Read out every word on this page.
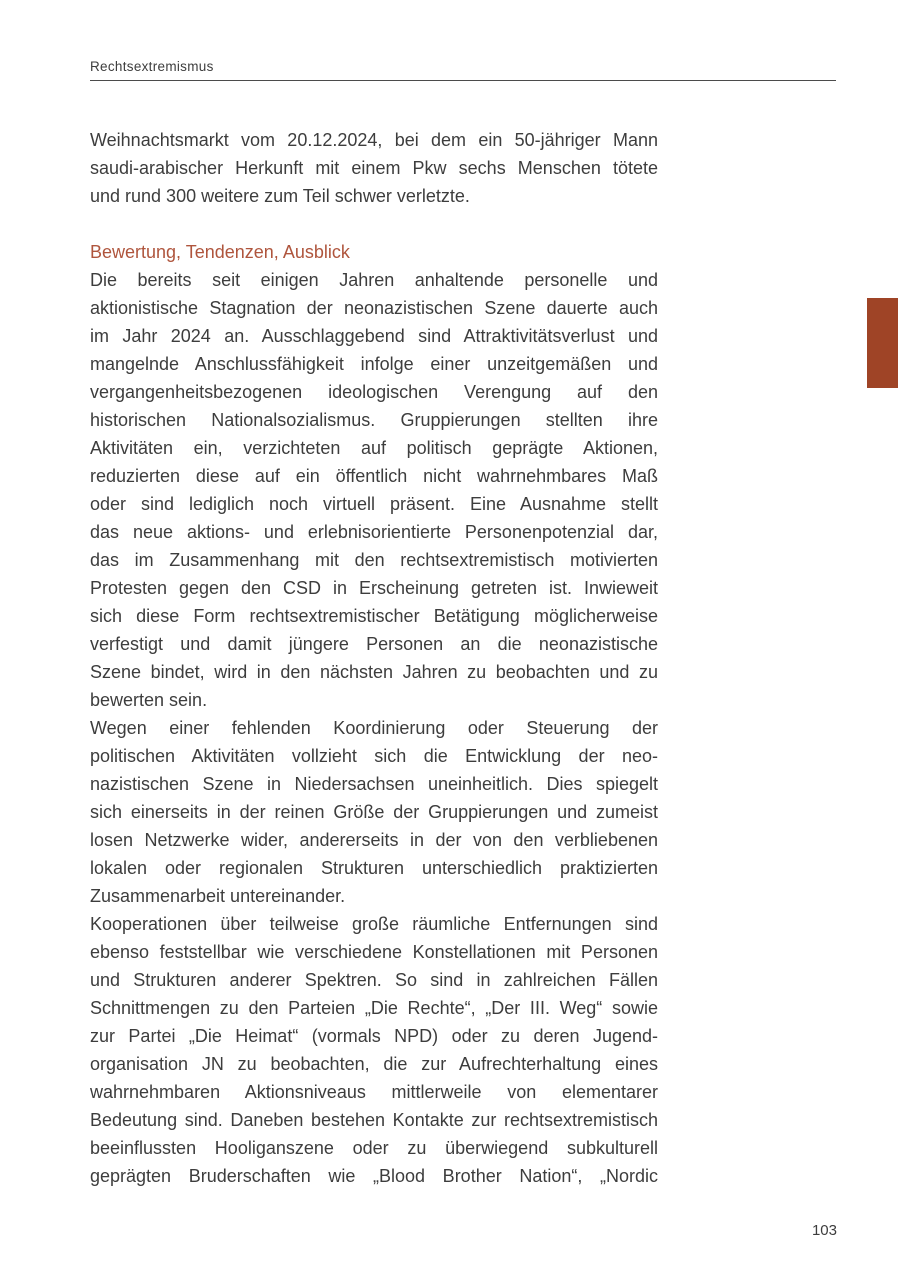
Rechtsextremismus
Weihnachtsmarkt vom 20.12.2024, bei dem ein 50-jähriger Mann
saudi-arabischer Herkunft mit einem Pkw sechs Menschen tötete
und rund 300 weitere zum Teil schwer verletzte.
Bewertung, Tendenzen, Ausblick
Die bereits seit einigen Jahren anhaltende personelle und
aktionistische Stagnation der neonazistischen Szene dauerte auch
im Jahr 2024 an. Ausschlaggebend sind Attraktivitätsverlust und
mangelnde Anschlussfähigkeit infolge einer unzeitgemäßen und
vergangenheitsbezogenen ideologischen Verengung auf den
historischen Nationalsozialismus. Gruppierungen stellten ihre
Aktivitäten ein, verzichteten auf politisch geprägte Aktionen,
reduzierten diese auf ein öffentlich nicht wahrnehmbares Maß
oder sind lediglich noch virtuell präsent. Eine Ausnahme stellt
das neue aktions- und erlebnisorientierte Personenpotenzial dar,
das im Zusammenhang mit den rechtsextremistisch motivierten
Protesten gegen den CSD in Erscheinung getreten ist. Inwieweit
sich diese Form rechtsextremistischer Betätigung möglicherweise
verfestigt und damit jüngere Personen an die neonazistische
Szene bindet, wird in den nächsten Jahren zu beobachten und zu
bewerten sein.
Wegen einer fehlenden Koordinierung oder Steuerung der
politischen Aktivitäten vollzieht sich die Entwicklung der neo-
nazistischen Szene in Niedersachsen uneinheitlich. Dies spiegelt
sich einerseits in der reinen Größe der Gruppierungen und zumeist
losen Netzwerke wider, andererseits in der von den verbliebenen
lokalen oder regionalen Strukturen unterschiedlich praktizierten
Zusammenarbeit untereinander.
Kooperationen über teilweise große räumliche Entfernungen sind
ebenso feststellbar wie verschiedene Konstellationen mit Personen
und Strukturen anderer Spektren. So sind in zahlreichen Fällen
Schnittmengen zu den Parteien „Die Rechte“, „Der III. Weg“ sowie
zur Partei „Die Heimat“ (vormals NPD) oder zu deren Jugend-
organisation JN zu beobachten, die zur Aufrechterhaltung eines
wahrnehmbaren Aktionsniveaus mittlerweile von elementarer
Bedeutung sind. Daneben bestehen Kontakte zur rechtsextremistisch
beeinflussten Hooliganszene oder zu überwiegend subkulturell
geprägten Bruderschaften wie „Blood Brother Nation“, „Nordic
103
